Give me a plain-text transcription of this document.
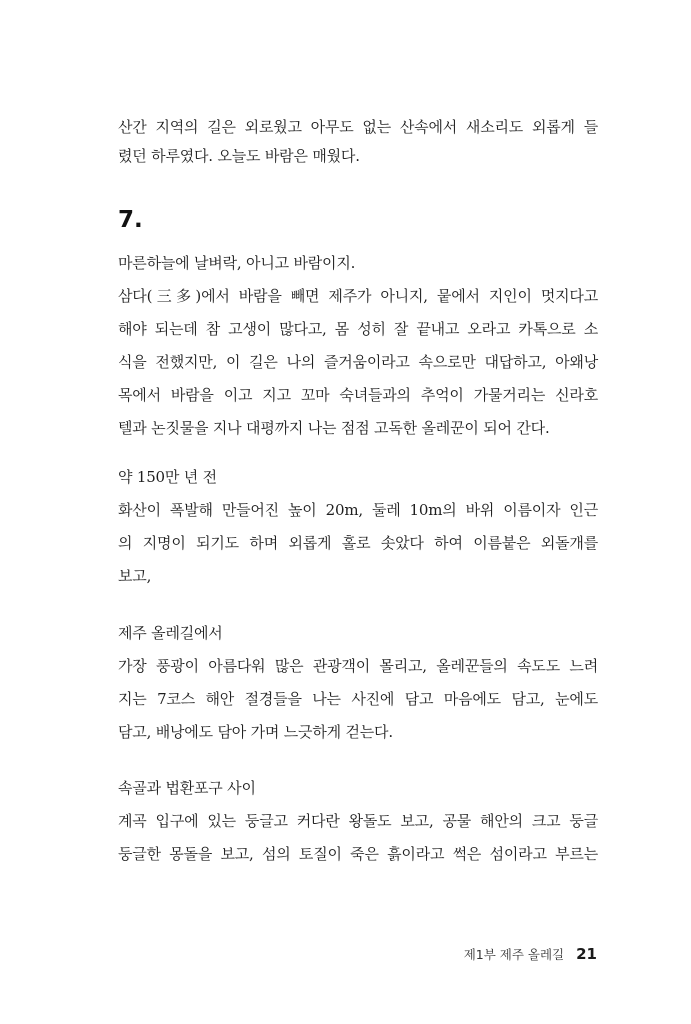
산간 지역의 길은 외로웠고 아무도 없는 산속에서 새소리도 외롭게 들
렸던 하루였다. 오늘도 바람은 매웠다.
7.
마른하늘에 날벼락, 아니고 바람이지.
삼다(三多)에서 바람을 빼면 제주가 아니지, 뭍에서 지인이 멋지다고
해야 되는데 참 고생이 많다고, 몸 성히 잘 끝내고 오라고 카톡으로 소
식을 전했지만, 이 길은 나의 즐거움이라고 속으로만 대답하고, 아왜낭
목에서 바람을 이고 지고 꼬마 숙녀들과의 추억이 가물거리는 신라호
텔과 논짓물을 지나 대평까지 나는 점점 고독한 올레꾼이 되어 간다.
약 150만 년 전
화산이 폭발해 만들어진 높이 20m, 둘레 10m의 바위 이름이자 인근
의 지명이 되기도 하며 외롭게 홀로 솟았다 하여 이름붙은 외돌개를
보고,
제주 올레길에서
가장 풍광이 아름다워 많은 관광객이 몰리고, 올레꾼들의 속도도 느려
지는 7코스 해안 절경들을 나는 사진에 담고 마음에도 담고, 눈에도
담고, 배낭에도 담아 가며 느긋하게 걷는다.
속골과 법환포구 사이
계곡 입구에 있는 둥글고 커다란 왕돌도 보고, 공물 해안의 크고 둥글
둥글한 몽돌을 보고, 섬의 토질이 죽은 흙이라고 썩은 섬이라고 부르는
제1부 제주 올레길 21
